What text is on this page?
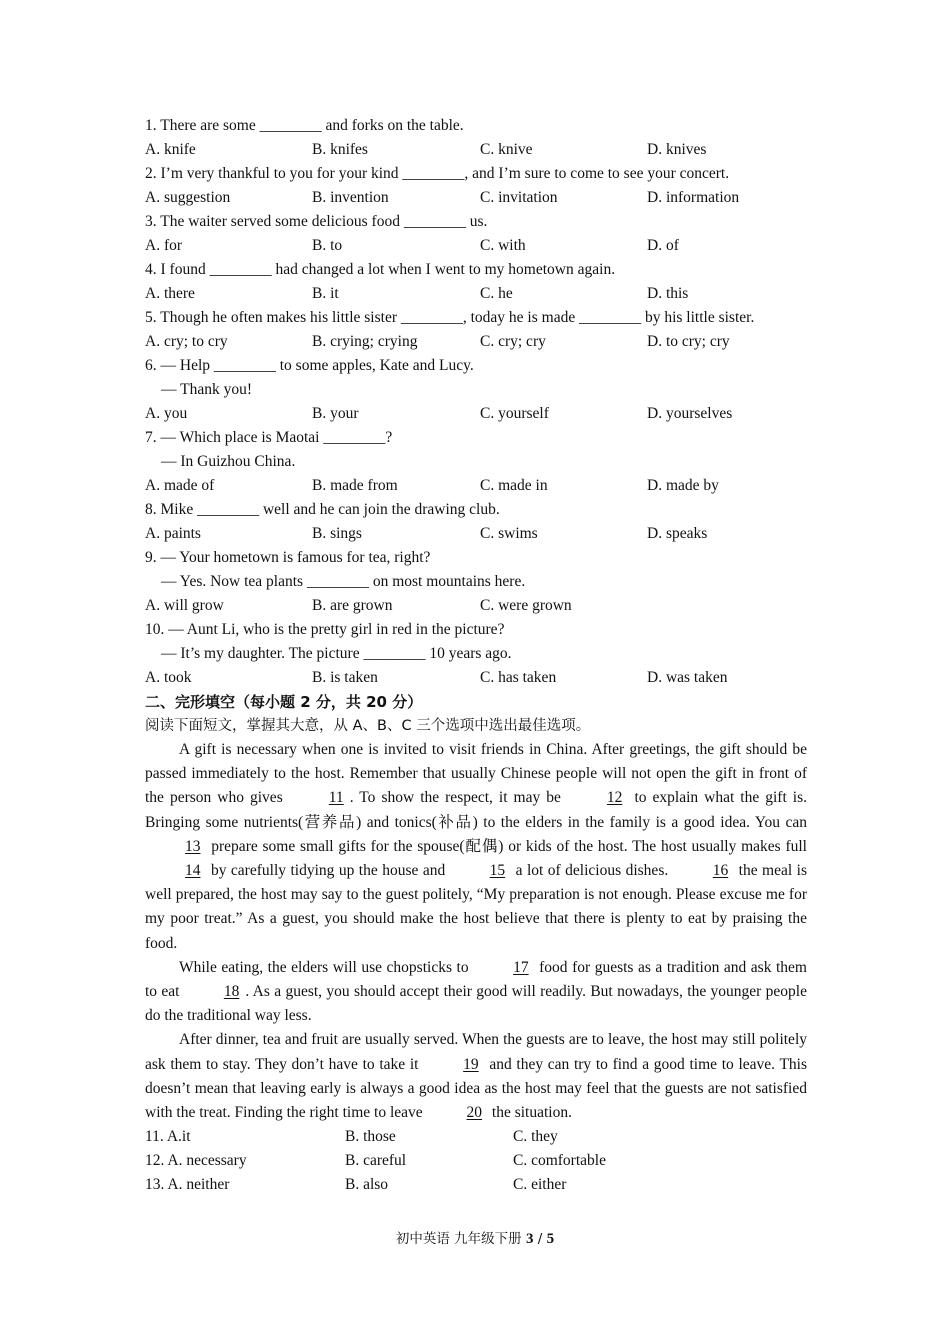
1. There are some ________ and forks on the table.
A. knife	B. knifes	C. knive	D. knives
2. I’m very thankful to you for your kind ________, and I’m sure to come to see your concert.
A. suggestion	B. invention	C. invitation	D. information
3. The waiter served some delicious food ________ us.
A. for	B. to	C. with	D. of
4. I found ________ had changed a lot when I went to my hometown again.
A. there	B. it	C. he	D. this
5. Though he often makes his little sister ________, today he is made ________ by his little sister.
A. cry; to cry	B. crying; crying	C. cry; cry	D. to cry; cry
6. — Help ________ to some apples, Kate and Lucy.
— Thank you!
A. you	B. your	C. yourself	D. yourselves
7. — Which place is Maotai ________?
— In Guizhou China.
A. made of	B. made from	C. made in	D. made by
8. Mike ________ well and he can join the drawing club.
A. paints	B. sings	C. swims	D. speaks
9. — Your hometown is famous for tea, right?
— Yes. Now tea plants ________ on most mountains here.
A. will grow	B. are grown	C. were grown
10. — Aunt Li, who is the pretty girl in red in the picture?
— It’s my daughter. The picture ________ 10 years ago.
A. took	B. is taken	C. has taken	D. was taken
二、完形填空（每小题 2 分，共 20 分）
阅读下面短文，掌握其大意，从 A、B、C 三个选项中选出最佳选项。

A gift is necessary when one is invited to visit friends in China. After greetings, the gift should be passed immediately to the host. Remember that usually Chinese people will not open the gift in front of the person who gives	11 . To show the respect, it may be	12 to explain what the gift is. Bringing some nutrients(营养品) and tonics(补品) to the elders in the family is a good idea. You can 13 prepare some small gifts for the spouse(配偶) or kids of the host. The host usually makes full 14 by carefully tidying up the house and	15 a lot of delicious dishes.	16 the meal is well prepared, the host may say to the guest politely, “My preparation is not enough. Please excuse me for my poor treat.” As a guest, you should make the host believe that there is plenty to eat by praising the food.

While eating, the elders will use chopsticks to	17 food for guests as a tradition and ask them to eat	18 . As a guest, you should accept their good will readily. But nowadays, the younger people do the traditional way less.

After dinner, tea and fruit are usually served. When the guests are to leave, the host may still politely ask them to stay. They don’t have to take it	19 and they can try to find a good time to leave. This doesn’t mean that leaving early is always a good idea as the host may feel that the guests are not satisfied with the treat. Finding the right time to leave	20 the situation.

11. A.it	B. those	C. they
12. A. necessary	B. careful	C. comfortable
13. A. neither	B. also	C. either
初中英语 九年级下册 3 / 5
